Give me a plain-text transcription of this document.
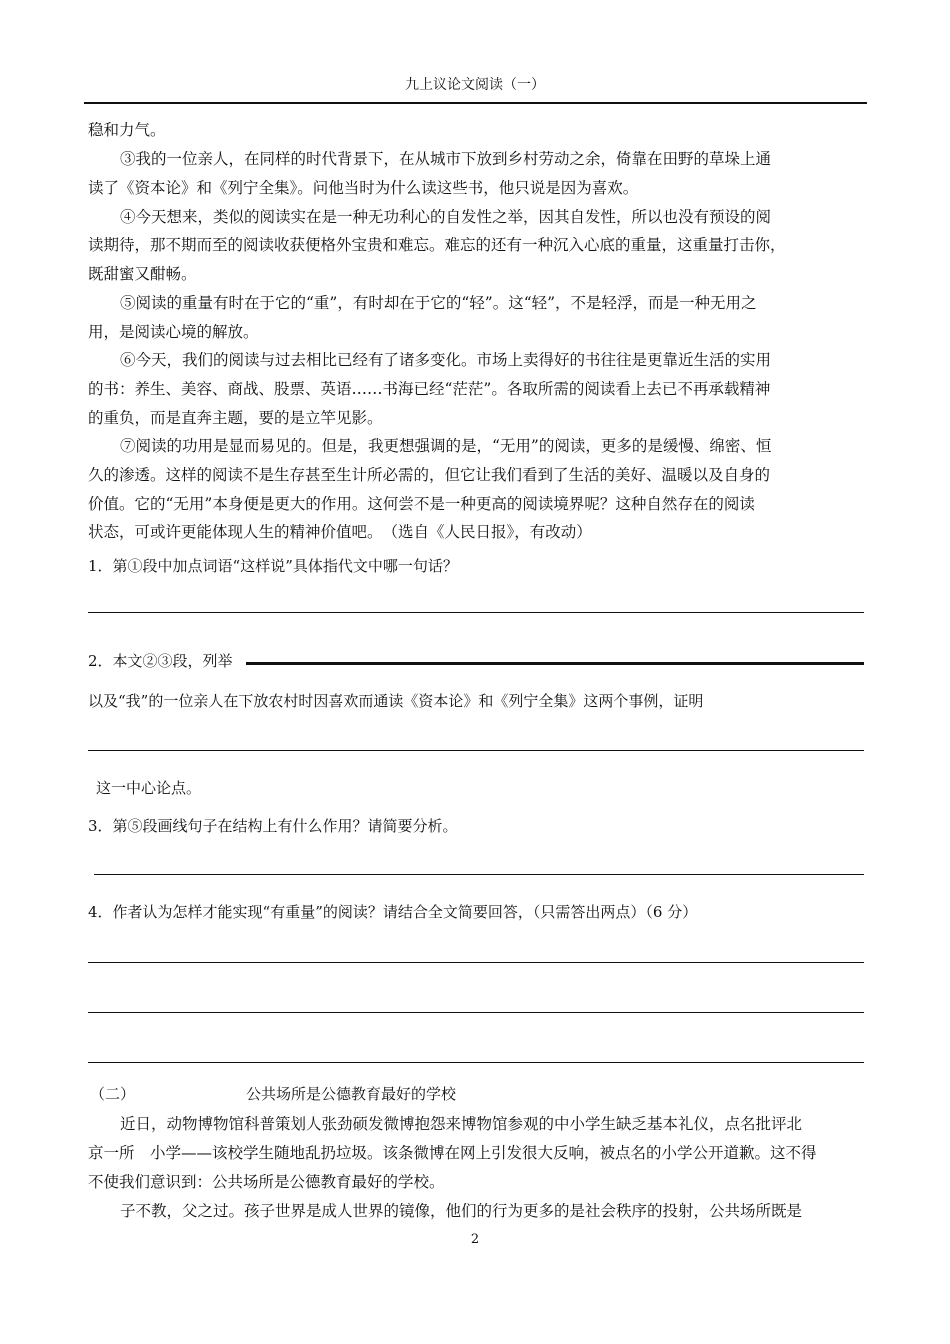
九上议论文阅读（一）
稳和力气。
③我的一位亲人，在同样的时代背景下，在从城市下放到乡村劳动之余，倚靠在田野的草垛上通
读了《资本论》和《列宁全集》。问他当时为什么读这些书，他只说是因为喜欢。
④今天想来，类似的阅读实在是一种无功利心的自发性之举，因其自发性，所以也没有预设的阅
读期待，那不期而至的阅读收获便格外宝贵和难忘。难忘的还有一种沉入心底的重量，这重量打击你，
既甜蜜又酣畅。
⑤阅读的重量有时在于它的“重”，有时却在于它的“轻”。这“轻”，不是轻浮，而是一种无用之
用，是阅读心境的解放。
⑥今天，我们的阅读与过去相比已经有了诸多变化。市场上卖得好的书往往是更靠近生活的实用
的书：养生、美容、商战、股票、英语……书海已经“茫茫”。各取所需的阅读看上去已不再承载精神
的重负，而是直奔主题，要的是立竿见影。
⑦阅读的功用是显而易见的。但是，我更想强调的是，“无用”的阅读，更多的是缓慢、绵密、恒
久的渗透。这样的阅读不是生存甚至生计所必需的，但它让我们看到了生活的美好、温暖以及自身的
价值。它的“无用”本身便是更大的作用。这何尝不是一种更高的阅读境界呢？这种自然存在的阅读
状态，可或许更能体现人生的精神价值吧。　（选自《人民日报》，有改动）
1．第①段中加点词语“这样说”具体指代文中哪一句话？
2．本文②③段，列举
以及“我”的一位亲人在下放农村时因喜欢而通读《资本论》和《列宁全集》这两个事例，证明
这一中心论点。
3．第⑤段画线句子在结构上有什么作用？请简要分析。
4．作者认为怎样才能实现“有重量”的阅读？请结合全文简要回答，（只需答出两点）（6 分）
（二）	公共场所是公德教育最好的学校
近日，动物博物馆科普策划人张劲硕发微博抱怨来博物馆参观的中小学生缺乏基本礼仪，点名批评北
京一所　小学——该校学生随地乱扔垃圾。该条微博在网上引发很大反响，被点名的小学公开道歉。这不得
不使我们意识到：公共场所是公德教育最好的学校。
子不教，父之过。孩子世界是成人世界的镜像，他们的行为更多的是社会秩序的投射，公共场所既是
2
